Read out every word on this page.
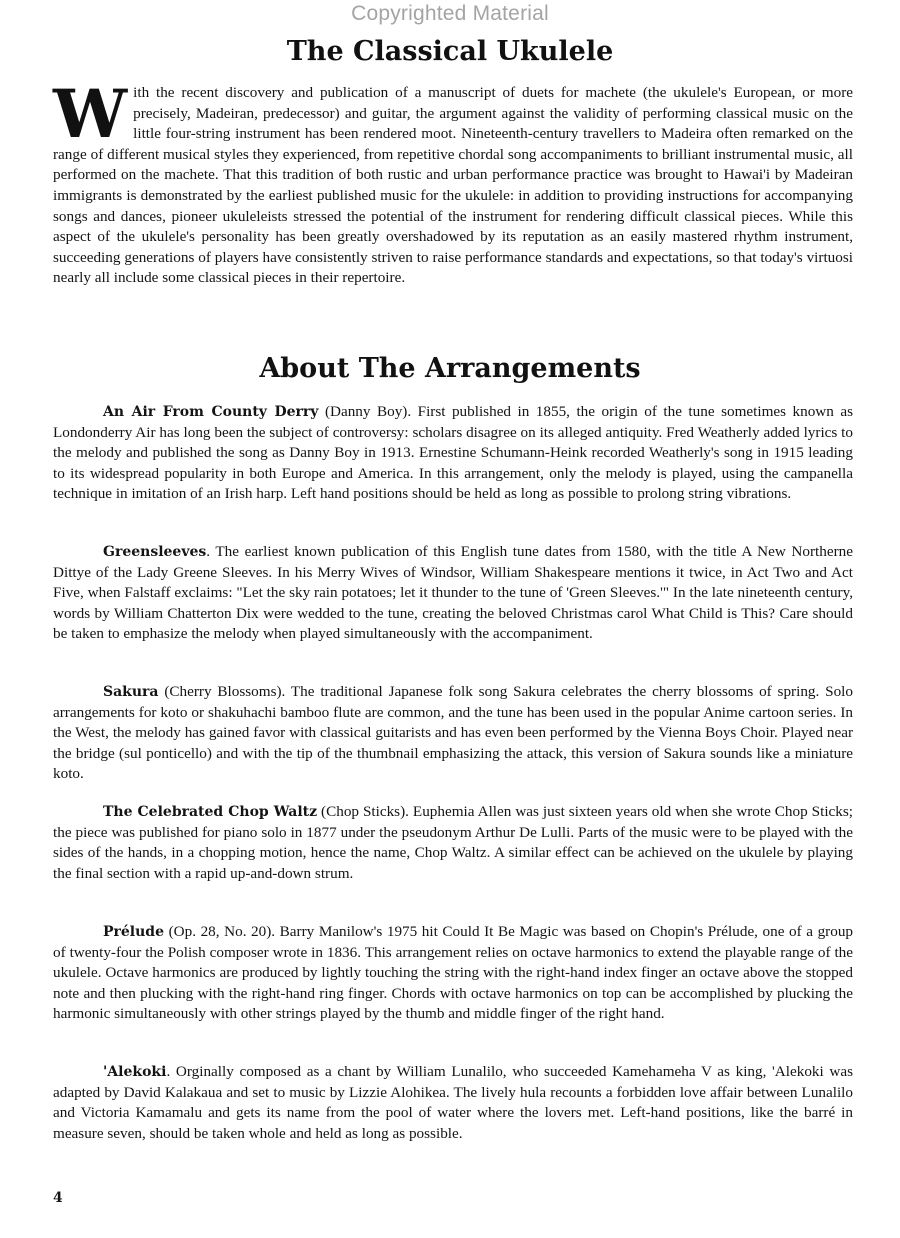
Copyrighted Material
The Classical Ukulele

With the recent discovery and publication of a manuscript of duets for machete (the ukulele's European, or more precisely, Madeiran, predecessor) and guitar, the argument against the validity of performing classical music on the little four-string instrument has been rendered moot. Nineteenth-century travellers to Madeira often remarked on the range of different musical styles they experienced, from repetitive chordal song accompaniments to brilliant instrumental music, all performed on the machete. That this tradition of both rustic and urban performance practice was brought to Hawai'i by Madeiran immigrants is demonstrated by the earliest published music for the ukulele: in addition to providing instructions for accompanying songs and dances, pioneer ukuleleists stressed the potential of the instrument for rendering difficult classical pieces. While this aspect of the ukulele's personality has been greatly overshadowed by its reputation as an easily mastered rhythm instrument, succeeding generations of players have consistently striven to raise performance standards and expectations, so that today's virtuosi nearly all include some classical pieces in their repertoire.

About The Arrangements

An Air From County Derry (Danny Boy). First published in 1855, the origin of the tune sometimes known as Londonderry Air has long been the subject of controversy: scholars disagree on its alleged antiquity. Fred Weatherly added lyrics to the melody and published the song as Danny Boy in 1913. Ernestine Schumann-Heink recorded Weatherly's song in 1915 leading to its widespread popularity in both Europe and America. In this arrangement, only the melody is played, using the campanella technique in imitation of an Irish harp. Left hand positions should be held as long as possible to prolong string vibrations.

Greensleeves. The earliest known publication of this English tune dates from 1580, with the title A New Northerne Dittye of the Lady Greene Sleeves. In his Merry Wives of Windsor, William Shakespeare mentions it twice, in Act Two and Act Five, when Falstaff exclaims: "Let the sky rain potatoes; let it thunder to the tune of 'Green Sleeves.'" In the late nineteenth century, words by William Chatterton Dix were wedded to the tune, creating the beloved Christmas carol What Child is This? Care should be taken to emphasize the melody when played simultaneously with the accompaniment.

Sakura (Cherry Blossoms). The traditional Japanese folk song Sakura celebrates the cherry blossoms of spring. Solo arrangements for koto or shakuhachi bamboo flute are common, and the tune has been used in the popular Anime cartoon series. In the West, the melody has gained favor with classical guitarists and has even been performed by the Vienna Boys Choir. Played near the bridge (sul ponticello) and with the tip of the thumbnail emphasizing the attack, this version of Sakura sounds like a miniature koto.

The Celebrated Chop Waltz (Chop Sticks). Euphemia Allen was just sixteen years old when she wrote Chop Sticks; the piece was published for piano solo in 1877 under the pseudonym Arthur De Lulli. Parts of the music were to be played with the sides of the hands, in a chopping motion, hence the name, Chop Waltz. A similar effect can be achieved on the ukulele by playing the final section with a rapid up-and-down strum.

Prélude (Op. 28, No. 20). Barry Manilow's 1975 hit Could It Be Magic was based on Chopin's Prélude, one of a group of twenty-four the Polish composer wrote in 1836. This arrangement relies on octave harmonics to extend the playable range of the ukulele. Octave harmonics are produced by lightly touching the string with the right-hand index finger an octave above the stopped note and then plucking with the right-hand ring finger. Chords with octave harmonics on top can be accomplished by plucking the harmonic simultaneously with other strings played by the thumb and middle finger of the right hand.

'Alekoki. Orginally composed as a chant by William Lunalilo, who succeeded Kamehameha V as king, 'Alekoki was adapted by David Kalakaua and set to music by Lizzie Alohikea. The lively hula recounts a forbidden love affair between Lunalilo and Victoria Kamamalu and gets its name from the pool of water where the lovers met. Left-hand positions, like the barré in measure seven, should be taken whole and held as long as possible.

4
